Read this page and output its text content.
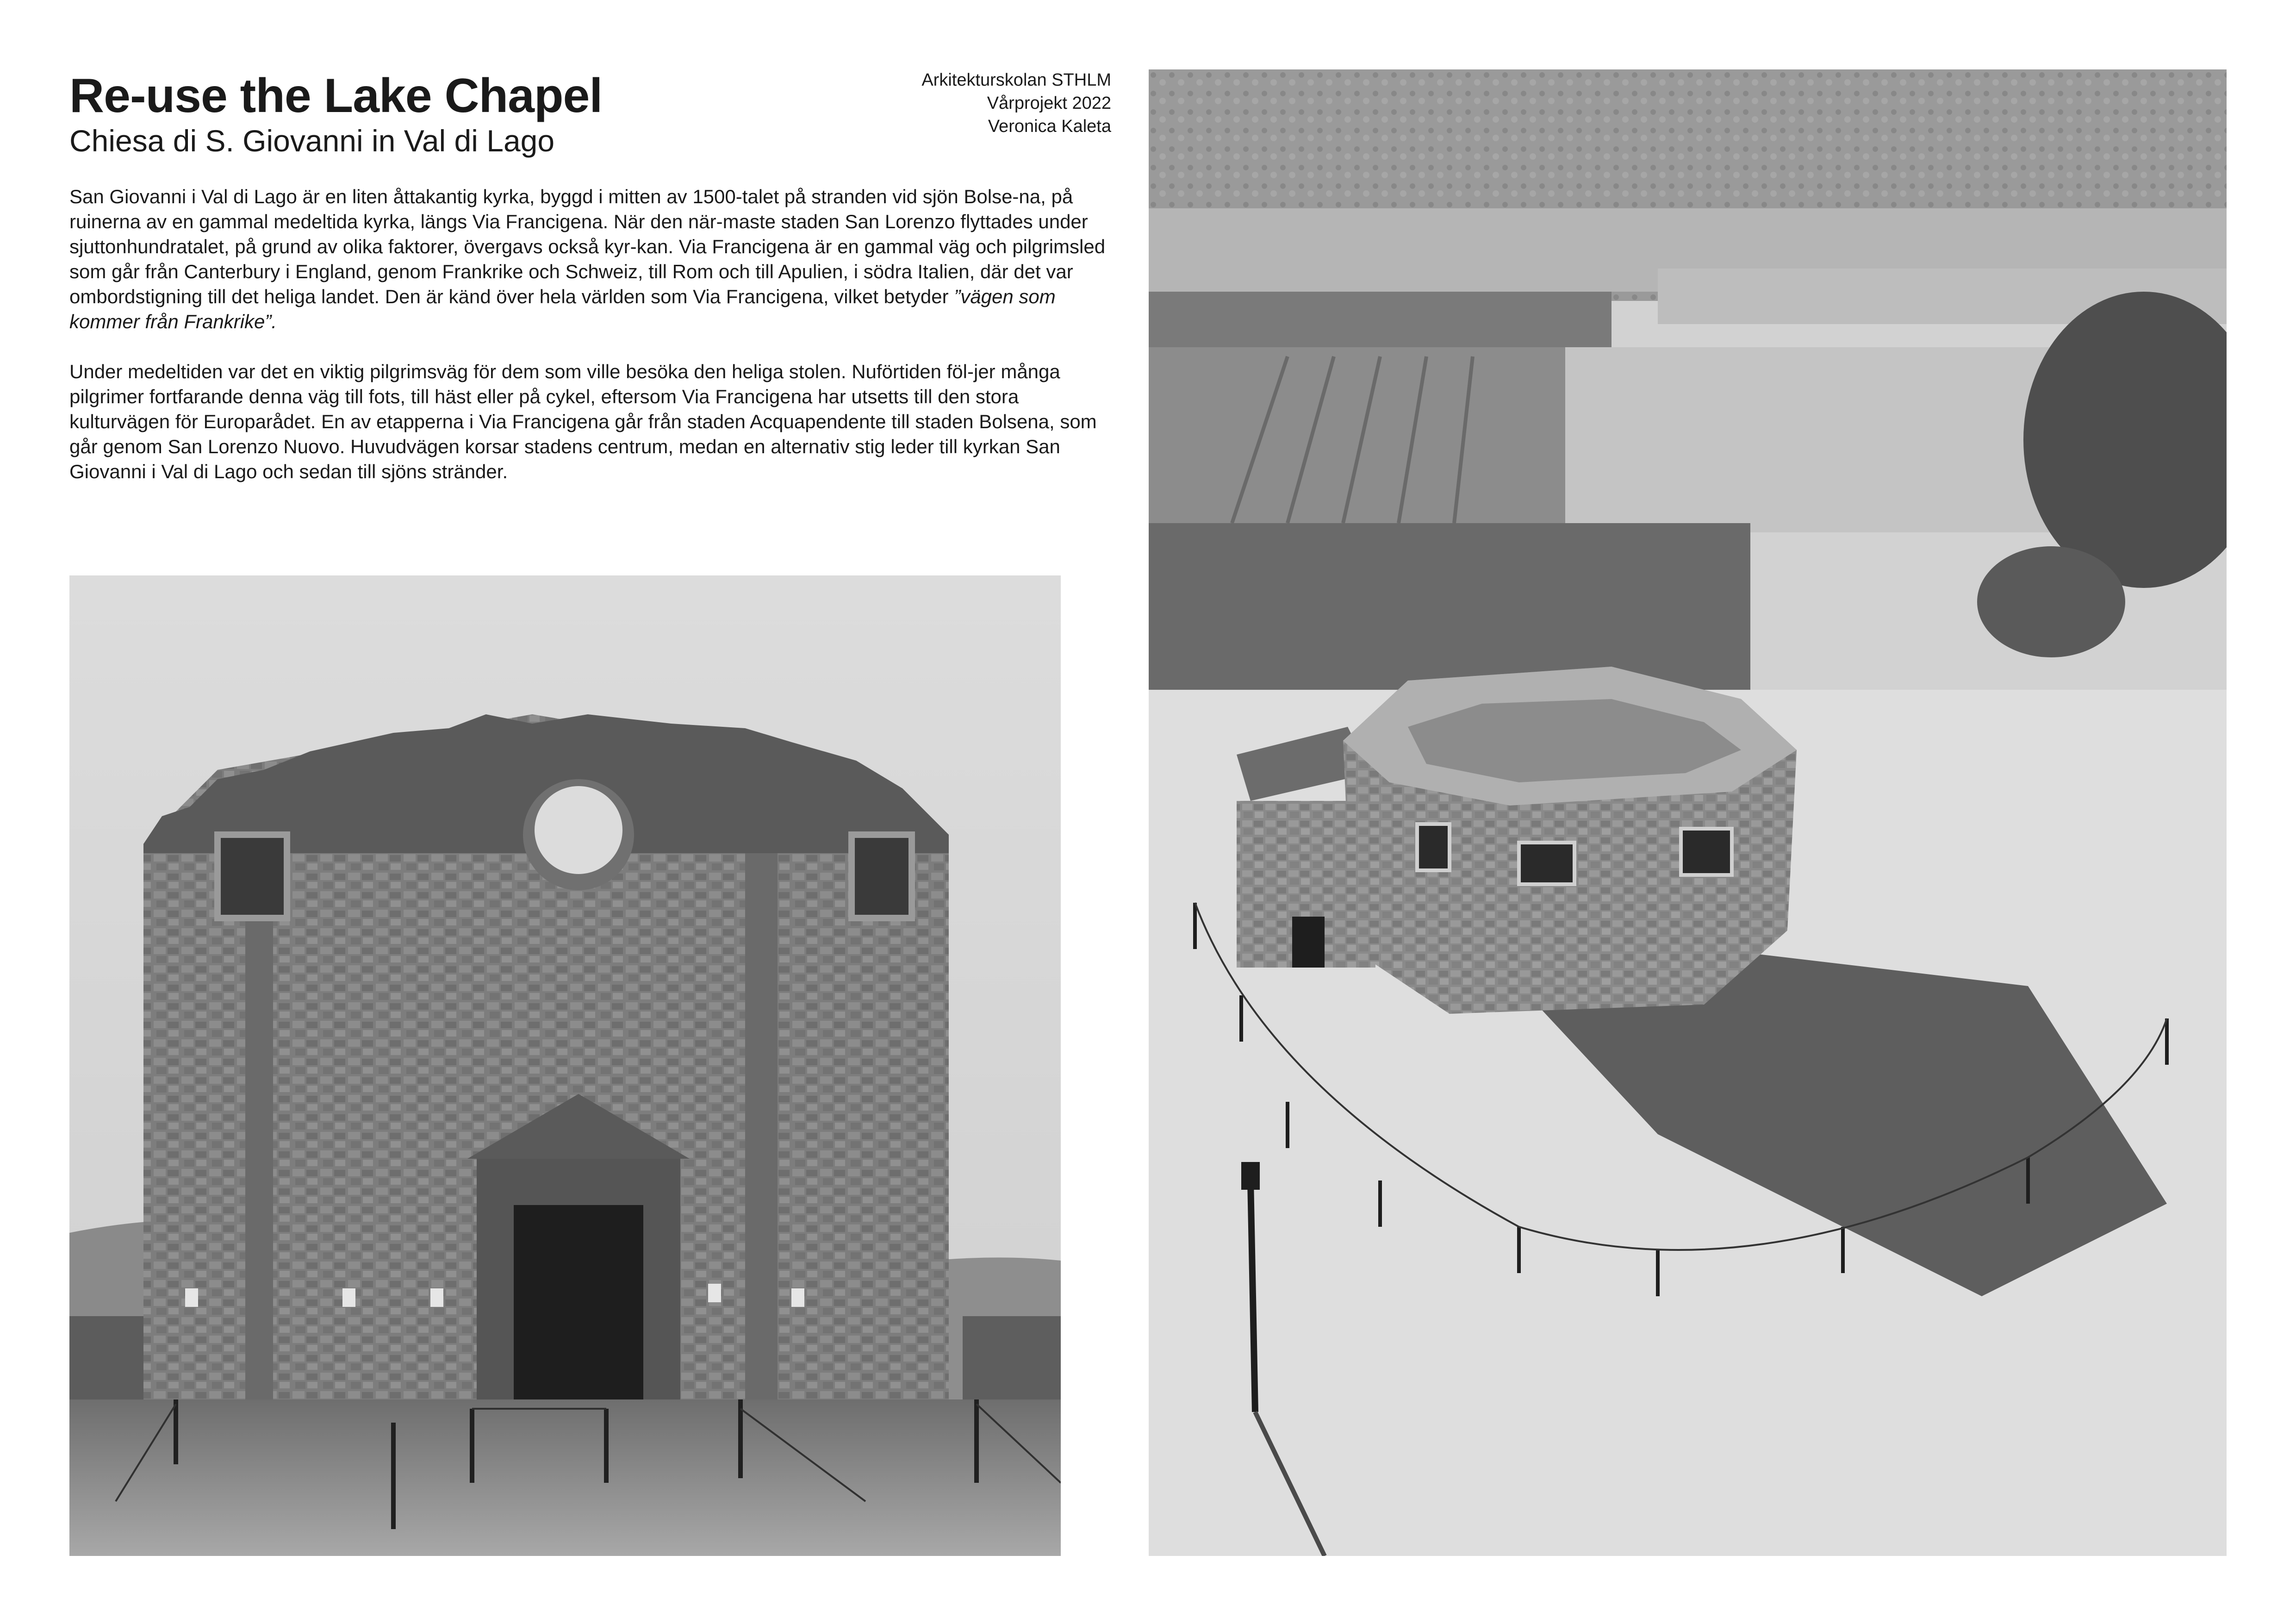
Re-use the Lake Chapel
Chiesa di S. Giovanni in Val di Lago
Arkitekturskolan STHLM
Vårprojekt 2022
Veronica Kaleta

San Giovanni i Val di Lago är en liten åttakantig kyrka, byggd i mitten av 1500-talet på stranden vid sjön Bolse-na, på ruinerna av en gammal medeltida kyrka, längs Via Francigena. När den när-maste staden San Lorenzo flyttades under sjuttonhundratalet, på grund av olika faktorer, övergavs också kyr-kan. Via Francigena är en gammal väg och pilgrimsled som går från Canterbury i England, genom Frankrike och Schweiz, till Rom och till Apulien, i södra Italien, där det var ombordstigning till det heliga landet. Den är känd över hela världen som Via Francigena, vilket betyder ”vägen som kommer från Frankrike”.

Under medeltiden var det en viktig pilgrimsväg för dem som ville besöka den heliga stolen. Nuförtiden föl-jer många pilgrimer fortfarande denna väg till fots, till häst eller på cykel, eftersom Via Francigena har utsetts till den stora kulturvägen för Europarådet. En av etapperna i Via Francigena går från staden Acquapendente till staden Bolsena, som går genom San Lorenzo Nuovo. Huvudvägen korsar stadens centrum, medan en alternativ stig leder till kyrkan San Giovanni i Val di Lago och sedan till sjöns stränder.
